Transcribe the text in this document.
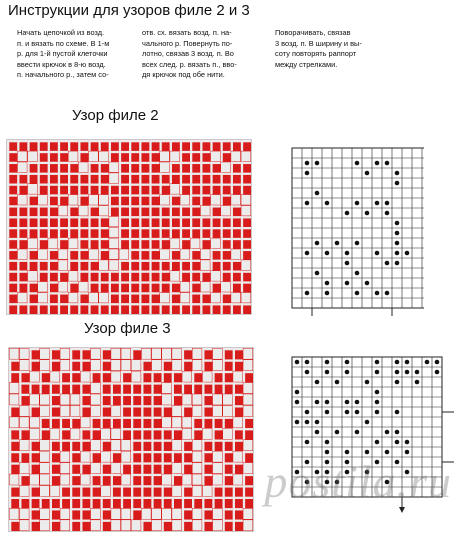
Инструкции для узоров филе 2 и 3
Начать цепочкой из возд.
п. и вязать по схеме. В 1-м
р. для 1-й пустой клеточки
ввести крючок в 8-ю возд.
п. начального р., затем со-
отв. сх. вязать возд. п. на-
чального р. Повернуть по-
лотно, связав 3 возд. п. Во
всех след. р. вязать п., вво-
дя крючок под обе нити.
Поворачивать, связав
3 возд. п. В ширину и вы-
соту повторять раппорт
между стрелками.
Узор филе 2
Узор филе 3
postila.ru
